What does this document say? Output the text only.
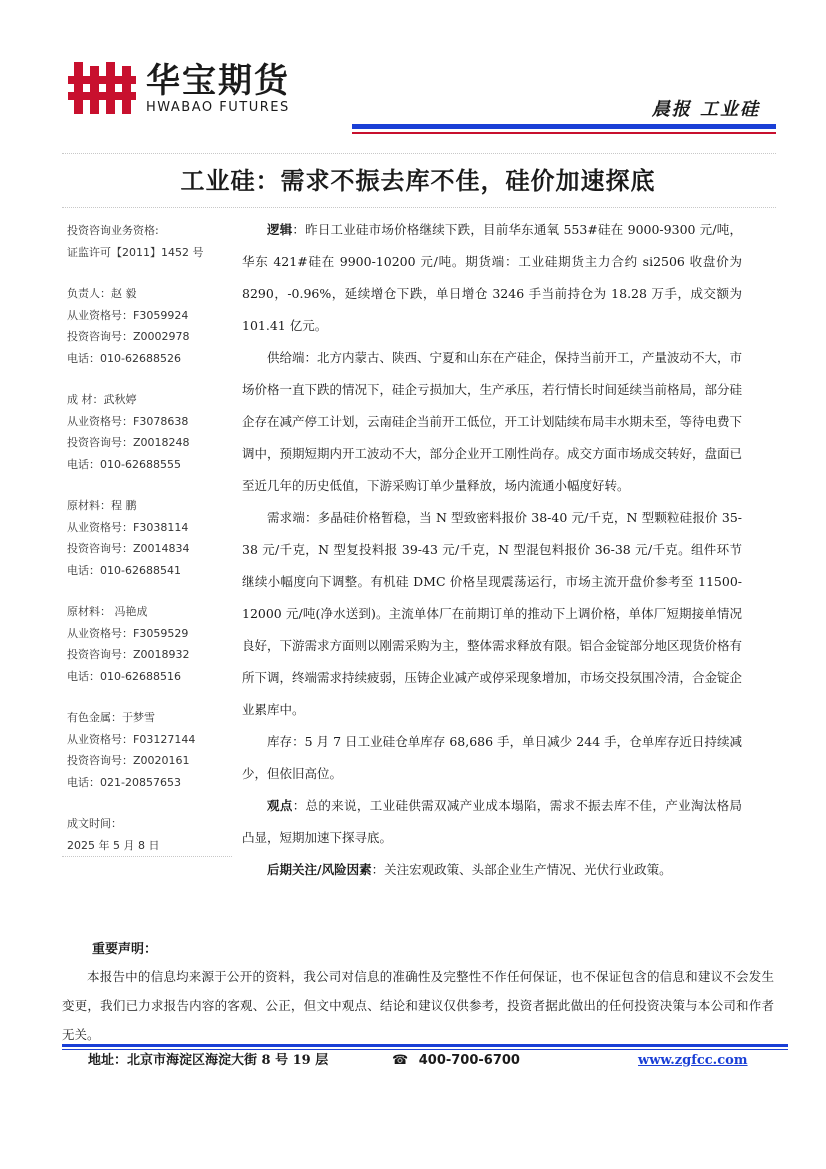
华宝期货
HWABAO FUTURES	晨报 工业硅
工业硅：需求不振去库不佳，硅价加速探底
投资咨询业务资格:
证监许可【2011】1452 号
负责人：赵 毅
从业资格号：F3059924
投资咨询号：Z0002978
电话：010-62688526
成 材：武秋婷
从业资格号：F3078638
投资咨询号：Z0018248
电话：010-62688555
原材料：程 鹏
从业资格号：F3038114
投资咨询号：Z0014834
电话：010-62688541
原材料： 冯艳成
从业资格号：F3059529
投资咨询号：Z0018932
电话：010-62688516
有色金属：于梦雪
从业资格号：F03127144
投资咨询号：Z0020161
电话：021-20857653
成文时间：
2025 年 5 月 8 日

逻辑：昨日工业硅市场价格继续下跌，目前华东通氧 553#硅在 9000-9300 元/吨，华东 421#硅在 9900-10200 元/吨。期货端：工业硅期货主力合约 si2506 收盘价为 8290，-0.96%，延续增仓下跌，单日增仓 3246 手当前持仓为 18.28 万手，成交额为 101.41 亿元。

供给端：北方内蒙古、陕西、宁夏和山东在产硅企，保持当前开工，产量波动不大，市场价格一直下跌的情况下，硅企亏损加大，生产承压，若行情长时间延续当前格局，部分硅企存在减产停工计划，云南硅企当前开工低位，开工计划陆续布局丰水期未至，等待电费下调中，预期短期内开工波动不大，部分企业开工刚性尚存。成交方面市场成交转好，盘面已至近几年的历史低值，下游采购订单少量释放，场内流通小幅度好转。

需求端：多晶硅价格暂稳，当 N 型致密料报价 38-40 元/千克，N 型颗粒硅报价 35-38 元/千克，N 型复投料报 39-43 元/千克，N 型混包料报价 36-38 元/千克。组件环节继续小幅度向下调整。有机硅 DMC 价格呈现震荡运行，市场主流开盘价参考至 11500-12000 元/吨(净水送到)。主流单体厂在前期订单的推动下上调价格，单体厂短期接单情况良好，下游需求方面则以刚需采购为主，整体需求释放有限。铝合金锭部分地区现货价格有所下调，终端需求持续疲弱，压铸企业减产或停采现象增加，市场交投氛围冷清，合金锭企业累库中。

库存：5 月 7 日工业硅仓单库存 68,686 手，单日减少 244 手，仓单库存近日持续减少，但依旧高位。

观点：总的来说，工业硅供需双减产业成本塌陷，需求不振去库不佳，产业淘汰格局凸显，短期加速下探寻底。

后期关注/风险因素：关注宏观政策、头部企业生产情况、光伏行业政策。

重要声明：
本报告中的信息均来源于公开的资料，我公司对信息的准确性及完整性不作任何保证，也不保证包含的信息和建议不会发生变更，我们已力求报告内容的客观、公正，但文中观点、结论和建议仅供参考，投资者据此做出的任何投资决策与本公司和作者无关。
地址：北京市海淀区海淀大街 8 号 19 层	☎ 400-700-6700	www.zgfcc.com
